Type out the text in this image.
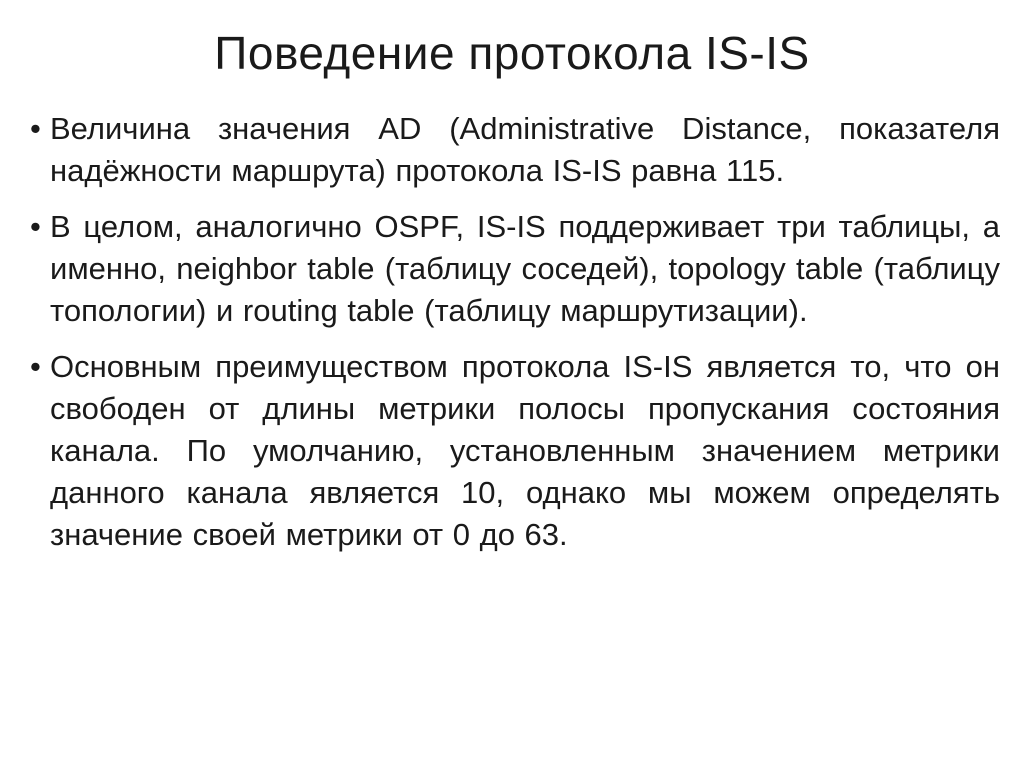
Поведение протокола IS-IS
• Величина значения AD (Administrative Distance, показателя надёжности маршрута) протокола IS-IS равна 115.
• В целом, аналогично OSPF, IS-IS поддерживает три таблицы, а именно, neighbor table (таблицу соседей), topology table (таблицу топологии) и routing table (таблицу маршрутизации).
• Основным преимуществом протокола IS-IS является то, что он свободен от длины метрики полосы пропускания состояния канала. По умолчанию, установленным значением метрики данного канала является 10, однако мы можем определять значение своей метрики от 0 до 63.
